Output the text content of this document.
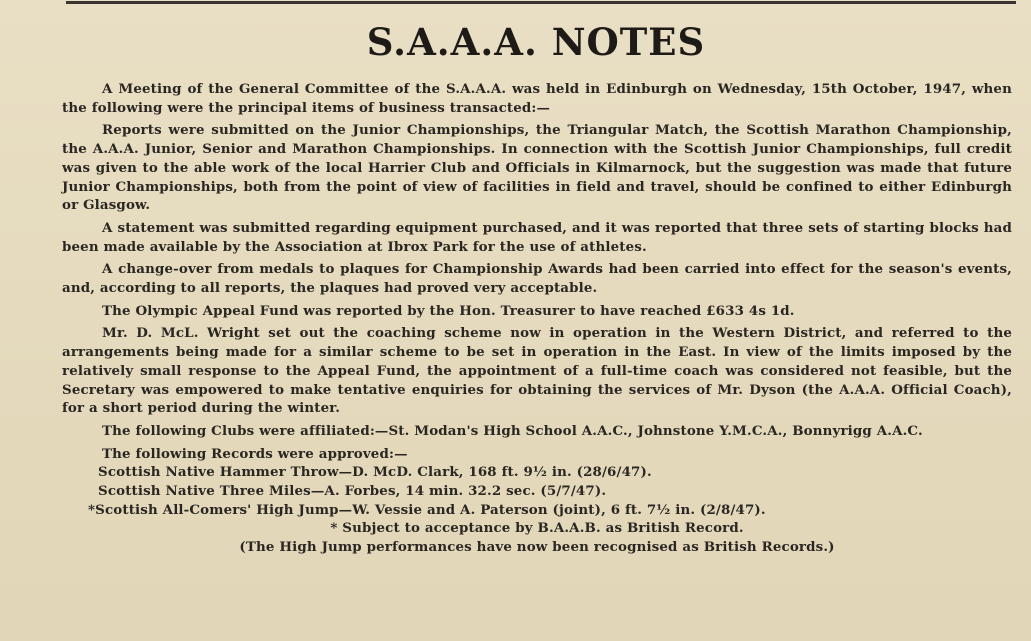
S.A.A.A. NOTES

A Meeting of the General Committee of the S.A.A.A. was held in Edinburgh on Wednesday, 15th October, 1947, when the following were the principal items of business transacted:—

Reports were submitted on the Junior Championships, the Triangular Match, the Scottish Marathon Championship, the A.A.A. Junior, Senior and Marathon Championships. In connection with the Scottish Junior Championships, full credit was given to the able work of the local Harrier Club and Officials in Kilmarnock, but the suggestion was made that future Junior Championships, both from the point of view of facilities in field and travel, should be confined to either Edinburgh or Glasgow.

A statement was submitted regarding equipment purchased, and it was reported that three sets of starting blocks had been made available by the Association at Ibrox Park for the use of athletes.

A change-over from medals to plaques for Championship Awards had been carried into effect for the season's events, and, according to all reports, the plaques had proved very acceptable.

The Olympic Appeal Fund was reported by the Hon. Treasurer to have reached £633 4s 1d.

Mr. D. McL. Wright set out the coaching scheme now in operation in the Western District, and referred to the arrangements being made for a similar scheme to be set in operation in the East. In view of the limits imposed by the relatively small response to the Appeal Fund, the appointment of a full-time coach was considered not feasible, but the Secretary was empowered to make tentative enquiries for obtaining the services of Mr. Dyson (the A.A.A. Official Coach), for a short period during the winter.

The following Clubs were affiliated:—St. Modan's High School A.A.C., Johnstone Y.M.C.A., Bonnyrigg A.A.C.

The following Records were approved:—

Scottish Native Hammer Throw—D. McD. Clark, 168 ft. 9½ in. (28/6/47).

Scottish Native Three Miles—A. Forbes, 14 min. 32.2 sec. (5/7/47).

*Scottish All-Comers' High Jump—W. Vessie and A. Paterson (joint), 6 ft. 7½ in. (2/8/47).

* Subject to acceptance by B.A.A.B. as British Record.

(The High Jump performances have now been recognised as British Records.)
